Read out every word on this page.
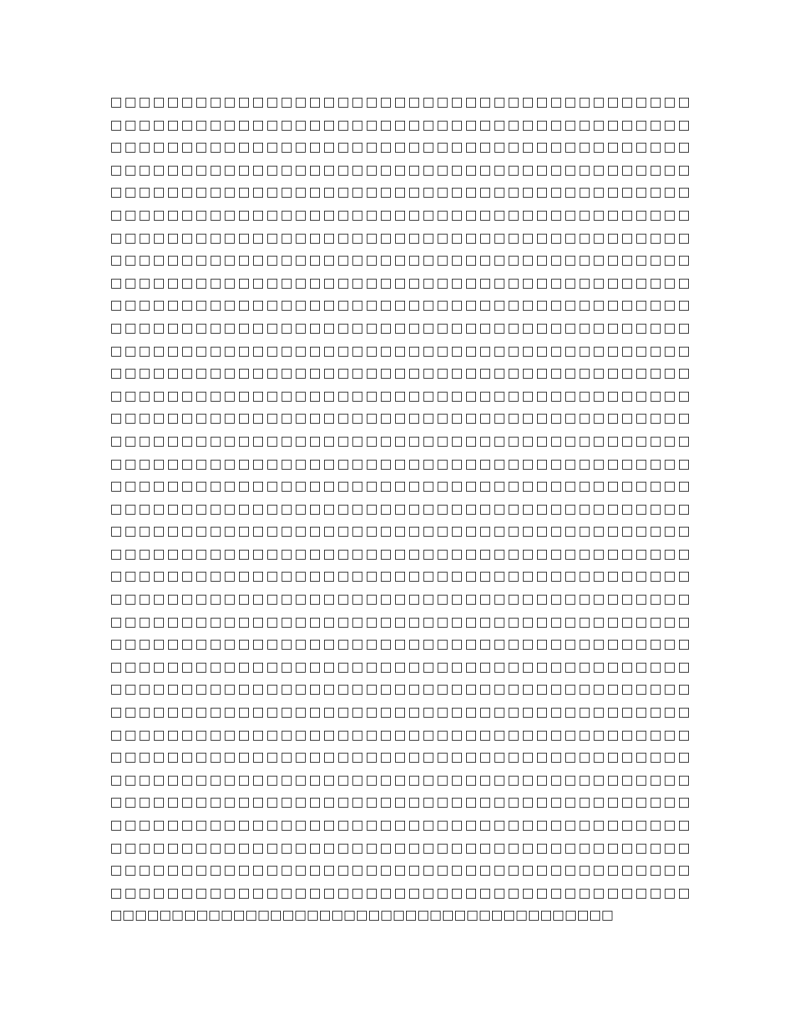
□□□□□□□□□□□□□□□□□□□□□□□□□□□□□□□□□□□□□□□□□
□□□□□□□□□□□□□□□□□□□□□□□□□□□□□□□□□□□□□□□□□
□□□□□□□□□□□□□□□□□□□□□□□□□□□□□□□□□□□□□□□□□
□□□□□□□□□□□□□□□□□□□□□□□□□□□□□□□□□□□□□□□□□
□□□□□□□□□□□□□□□□□□□□□□□□□□□□□□□□□□□□□□□□□
□□□□□□□□□□□□□□□□□□□□□□□□□□□□□□□□□□□□□□□□□
□□□□□□□□□□□□□□□□□□□□□□□□□□□□□□□□□□□□□□□□□
□□□□□□□□□□□□□□□□□□□□□□□□□□□□□□□□□□□□□□□□□
□□□□□□□□□□□□□□□□□□□□□□□□□□□□□□□□□□□□□□□□□
□□□□□□□□□□□□□□□□□□□□□□□□□□□□□□□□□□□□□□□□□
□□□□□□□□□□□□□□□□□□□□□□□□□□□□□□□□□□□□□□□□□
□□□□□□□□□□□□□□□□□□□□□□□□□□□□□□□□□□□□□□□□□
□□□□□□□□□□□□□□□□□□□□□□□□□□□□□□□□□□□□□□□□□
□□□□□□□□□□□□□□□□□□□□□□□□□□□□□□□□□□□□□□□□□
□□□□□□□□□□□□□□□□□□□□□□□□□□□□□□□□□□□□□□□□□
□□□□□□□□□□□□□□□□□□□□□□□□□□□□□□□□□□□□□□□□□
□□□□□□□□□□□□□□□□□□□□□□□□□□□□□□□□□□□□□□□□□
□□□□□□□□□□□□□□□□□□□□□□□□□□□□□□□□□□□□□□□□□
□□□□□□□□□□□□□□□□□□□□□□□□□□□□□□□□□□□□□□□□□
□□□□□□□□□□□□□□□□□□□□□□□□□□□□□□□□□□□□□□□□□
□□□□□□□□□□□□□□□□□□□□□□□□□□□□□□□□□□□□□□□□□
□□□□□□□□□□□□□□□□□□□□□□□□□□□□□□□□□□□□□□□□□
□□□□□□□□□□□□□□□□□□□□□□□□□□□□□□□□□□□□□□□□□
□□□□□□□□□□□□□□□□□□□□□□□□□□□□□□□□□□□□□□□□□
□□□□□□□□□□□□□□□□□□□□□□□□□□□□□□□□□□□□□□□□□
□□□□□□□□□□□□□□□□□□□□□□□□□□□□□□□□□□□□□□□□□
□□□□□□□□□□□□□□□□□□□□□□□□□□□□□□□□□□□□□□□□□
□□□□□□□□□□□□□□□□□□□□□□□□□□□□□□□□□□□□□□□□□
□□□□□□□□□□□□□□□□□□□□□□□□□□□□□□□□□□□□□□□□□
□□□□□□□□□□□□□□□□□□□□□□□□□□□□□□□□□□□□□□□□□
□□□□□□□□□□□□□□□□□□□□□□□□□□□□□□□□□□□□□□□□□
□□□□□□□□□□□□□□□□□□□□□□□□□□□□□□□□□□□□□□□□□
□□□□□□□□□□□□□□□□□□□□□□□□□□□□□□□□□□□□□□□□□
□□□□□□□□□□□□□□□□□□□□□□□□□□□□□□□□□□□□□□□□□
□□□□□□□□□□□□□□□□□□□□□□□□□□□□□□□□□□□□□□□□□
□□□□□□□□□□□□□□□□□□□□□□□□□□□□□□□□□□□□□□□□□
□□□□□□□□□□□□□□□□□□□□□□□□□□□□□□□□□□□□□□□□□
